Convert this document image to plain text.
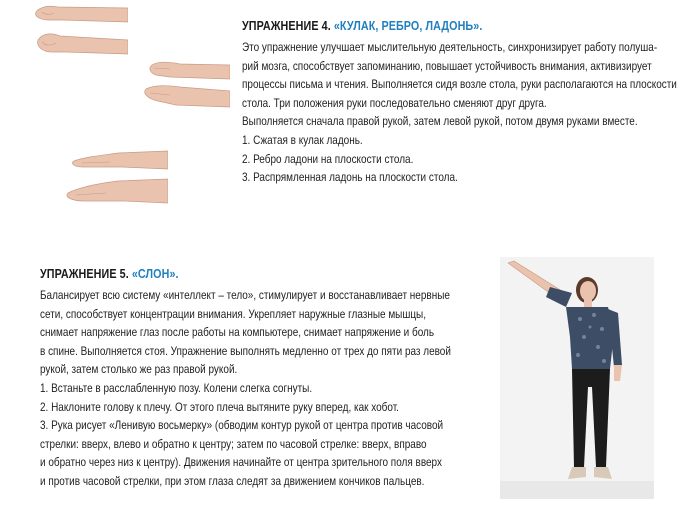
УПРАЖНЕНИЕ 4. «КУЛАК, РЕБРО, ЛАДОНЬ».

Это упражнение улучшает мыслительную деятельность, синхронизирует работу полуша-

рий мозга, способствует запоминанию, повышает устойчивость внимания, активизирует

процессы письма и чтения. Выполняется сидя возле стола, руки располагаются на плоскости

стола. Три положения руки последовательно сменяют друг друга.

Выполняется сначала правой рукой, затем левой рукой, потом двумя руками вместе.

1. Сжатая в кулак ладонь.

2. Ребро ладони на плоскости стола.

3. Распрямленная ладонь на плоскости стола.

УПРАЖНЕНИЕ 5. «СЛОН».

Балансирует всю систему «интеллект – тело», стимулирует и восстанавливает нервные

сети, способствует концентрации внимания. Укрепляет наружные глазные мышцы,

снимает напряжение глаз после работы на компьютере, снимает напряжение и боль

в спине. Выполняется стоя. Упражнение выполнять медленно от трех до пяти раз левой

рукой, затем столько же раз правой рукой.

1. Встаньте в расслабленную позу. Колени слегка согнуты.

2. Наклоните голову к плечу. От этого плеча вытяните руку вперед, как хобот.

3. Рука рисует «Ленивую восьмерку» (обводим контур рукой от центра против часовой

стрелки: вверх, влево и обратно к центру; затем по часовой стрелке: вверх, вправо

и обратно через низ к центру). Движения начинайте от центра зрительного поля вверх

и против часовой стрелки, при этом глаза следят за движением кончиков пальцев.
